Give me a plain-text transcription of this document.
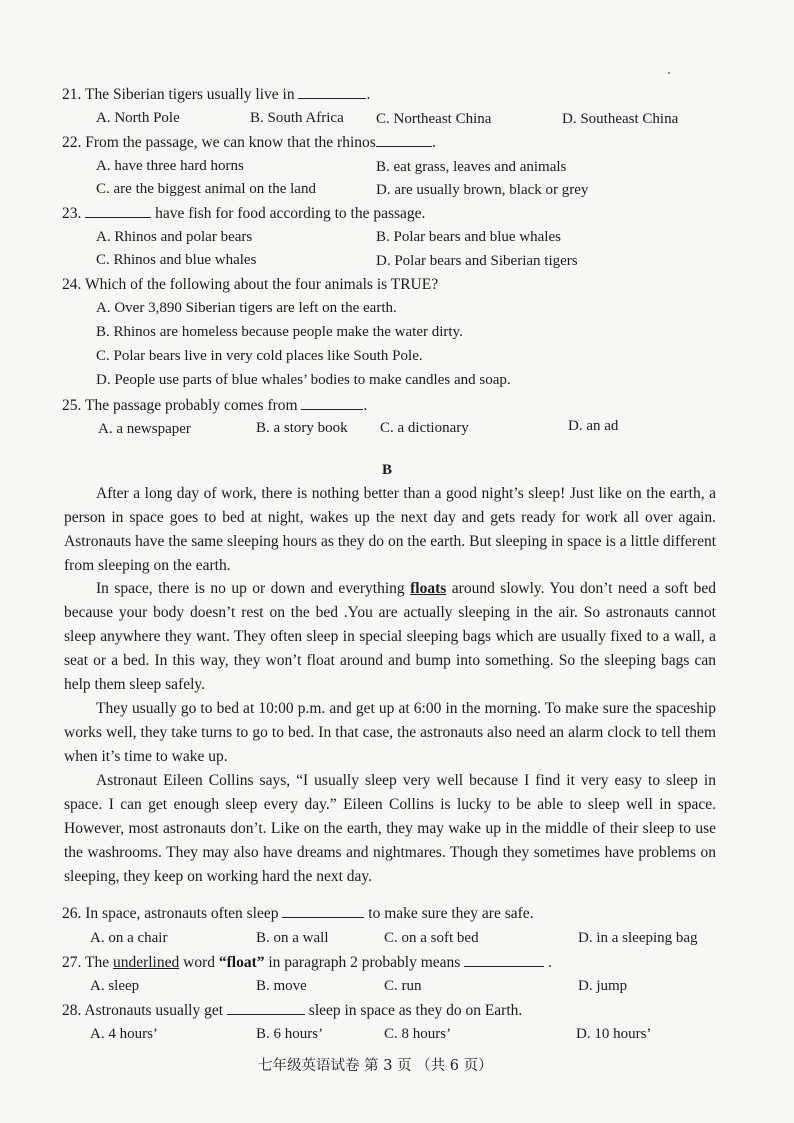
21. The Siberian tigers usually live in	.
A. North Pole	B. South Africa C. Northeast China	D. Southeast China
22. From the passage, we can know that the rhinos	.
A. have three hard horns	B. eat grass, leaves and animals
C. are the biggest animal on the land	D. are usually brown, black or grey
23.	have fish for food according to the passage.
A. Rhinos and polar bears	B. Polar bears and blue whales
C. Rhinos and blue whales	D. Polar bears and Siberian tigers
24. Which of the following about the four animals is TRUE?
A. Over 3,890 Siberian tigers are left on the earth.
B. Rhinos are homeless because people make the water dirty.
C. Polar bears live in very cold places like South Pole.
D. People use parts of blue whales’ bodies to make candles and soap.
25. The passage probably comes from	.
A. a newspaper	B. a story book C. a dictionary	D. an ad
B
After a long day of work, there is nothing better than a good night’s sleep! Just like on the earth, a person in space goes to bed at night, wakes up the next day and gets ready for work all over again. Astronauts have the same sleeping hours as they do on the earth. But sleeping in space is a little different from sleeping on the earth.
In space, there is no up or down and everything floats around slowly. You don’t need a soft bed because your body doesn’t rest on the bed .You are actually sleeping in the air. So astronauts cannot sleep anywhere they want. They often sleep in special sleeping bags which are usually fixed to a wall, a seat or a bed. In this way, they won’t float around and bump into something. So the sleeping bags can help them sleep safely.
They usually go to bed at 10:00 p.m. and get up at 6:00 in the morning. To make sure the spaceship works well, they take turns to go to bed. In that case, the astronauts also need an alarm clock to tell them when it’s time to wake up.
Astronaut Eileen Collins says, “I usually sleep very well because I find it very easy to sleep in space. I can get enough sleep every day.” Eileen Collins is lucky to be able to sleep well in space. However, most astronauts don’t. Like on the earth, they may wake up in the middle of their sleep to use the washrooms. They may also have dreams and nightmares. Though they sometimes have problems on sleeping, they keep on working hard the next day.
26. In space, astronauts often sleep	to make sure they are safe.
A. on a chair	B. on a wall	C. on a soft bed	D. in a sleeping bag
27. The underlined word “float” in paragraph 2 probably means	.
A. sleep	B. move	C. run	D. jump
28. Astronauts usually get	sleep in space as they do on Earth.
A. 4 hours’	B. 6 hours’	C. 8 hours’	D. 10 hours’
七年级英语试卷 第 3 页 （共 6 页）
